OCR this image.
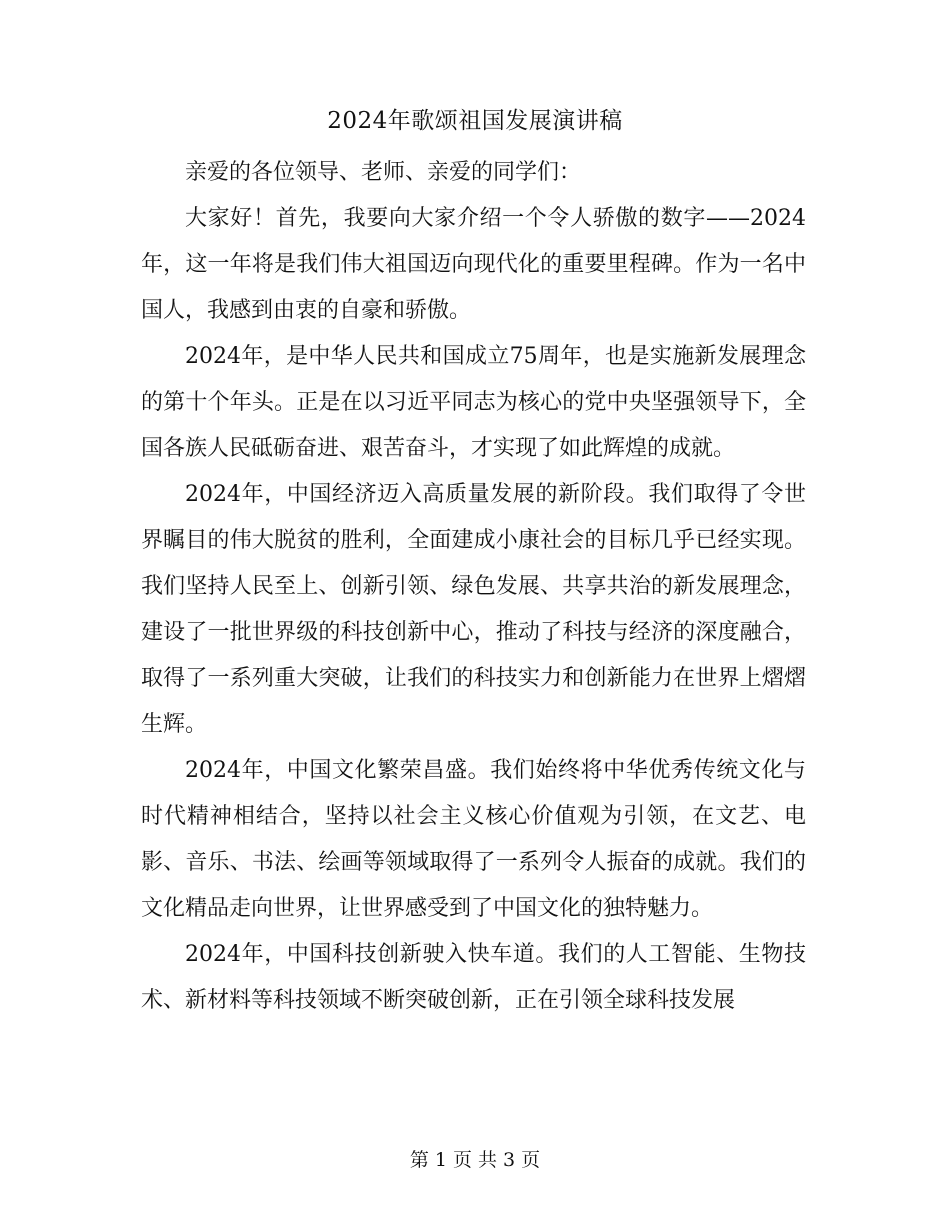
2024年歌颂祖国发展演讲稿

亲爱的各位领导、老师、亲爱的同学们：

大家好！首先，我要向大家介绍一个令人骄傲的数字——2024年，这一年将是我们伟大祖国迈向现代化的重要里程碑。作为一名中国人，我感到由衷的自豪和骄傲。

2024年，是中华人民共和国成立75周年，也是实施新发展理念的第十个年头。正是在以习近平同志为核心的党中央坚强领导下，全国各族人民砥砺奋进、艰苦奋斗，才实现了如此辉煌的成就。

2024年，中国经济迈入高质量发展的新阶段。我们取得了令世界瞩目的伟大脱贫的胜利，全面建成小康社会的目标几乎已经实现。我们坚持人民至上、创新引领、绿色发展、共享共治的新发展理念，建设了一批世界级的科技创新中心，推动了科技与经济的深度融合，取得了一系列重大突破，让我们的科技实力和创新能力在世界上熠熠生辉。

2024年，中国文化繁荣昌盛。我们始终将中华优秀传统文化与时代精神相结合，坚持以社会主义核心价值观为引领，在文艺、电影、音乐、书法、绘画等领域取得了一系列令人振奋的成就。我们的文化精品走向世界，让世界感受到了中国文化的独特魅力。

2024年，中国科技创新驶入快车道。我们的人工智能、生物技术、新材料等科技领域不断突破创新，正在引领全球科技发展

第 1 页 共 3 页
